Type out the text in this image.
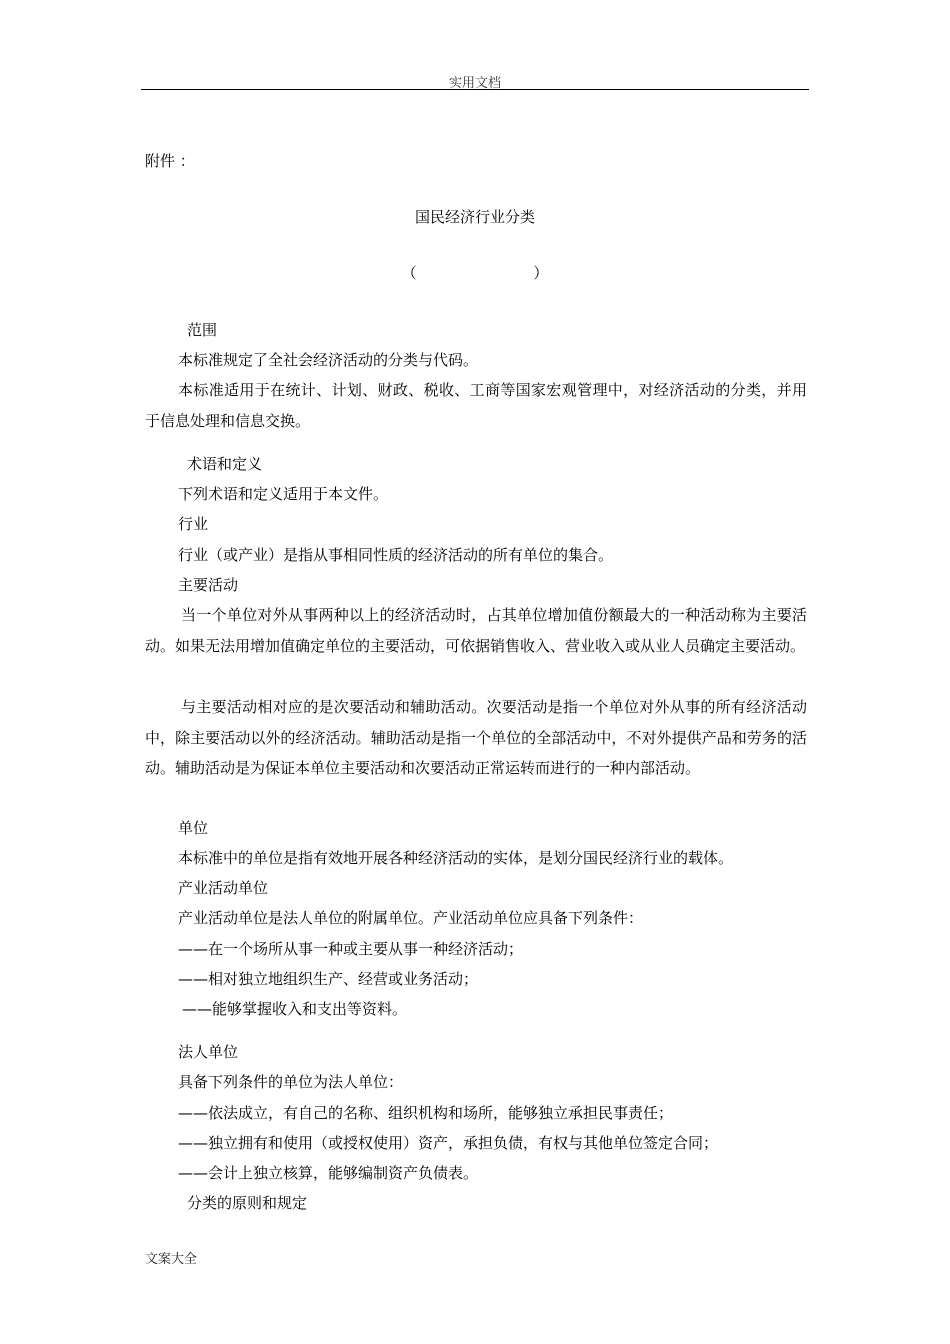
实用文档
附件 ：
国民经济行业分类
（ ）
范围
本标准规定了全社会经济活动的分类与代码。
本标准适用于在统计、计划、财政、税收、工商等国家宏观管理中，对经济活动的分类，并用于信息处理和信息交换。
术语和定义
下列术语和定义适用于本文件。
行业
行业（或产业）是指从事相同性质的经济活动的所有单位的集合。
主要活动
当一个单位对外从事两种以上的经济活动时，占其单位增加值份额最大的一种活动称为主要活动。如果无法用增加值确定单位的主要活动，可依据销售收入、营业收入或从业人员确定主要活动。
与主要活动相对应的是次要活动和辅助活动。次要活动是指一个单位对外从事的所有经济活动中，除主要活动以外的经济活动。辅助活动是指一个单位的全部活动中，不对外提供产品和劳务的活动。辅助活动是为保证本单位主要活动和次要活动正常运转而进行的一种内部活动。
单位
本标准中的单位是指有效地开展各种经济活动的实体，是划分国民经济行业的载体。
产业活动单位
产业活动单位是法人单位的附属单位。产业活动单位应具备下列条件：
——在一个场所从事一种或主要从事一种经济活动；
——相对独立地组织生产、经营或业务活动；
——能够掌握收入和支出等资料。
法人单位
具备下列条件的单位为法人单位：
——依法成立，有自己的名称、组织机构和场所，能够独立承担民事责任；
——独立拥有和使用（或授权使用）资产，承担负债，有权与其他单位签定合同；
——会计上独立核算，能够编制资产负债表。
分类的原则和规定
文案大全
